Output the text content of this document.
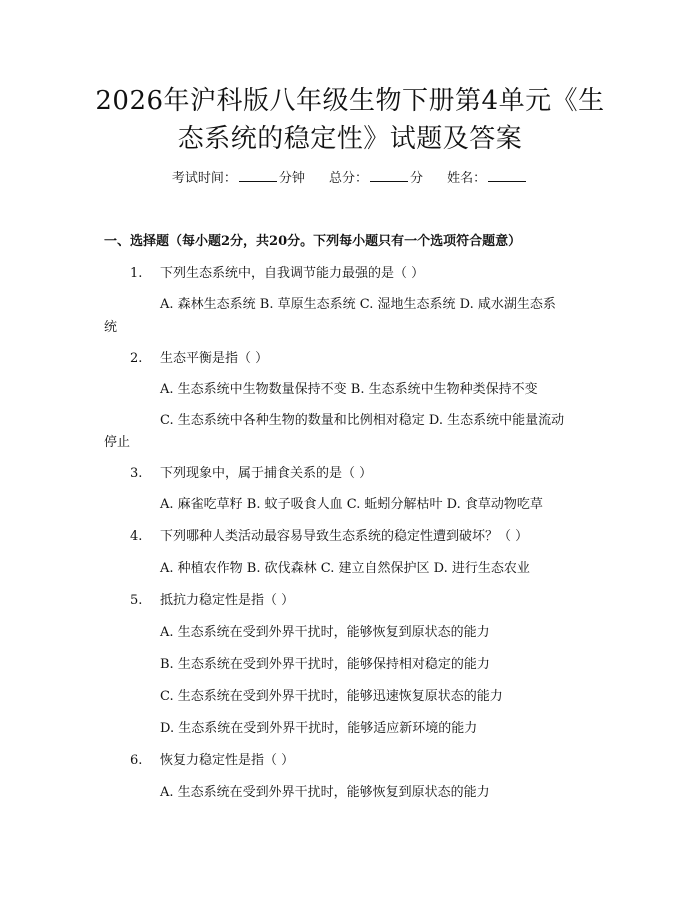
2026年沪科版八年级生物下册第4单元《生
态系统的稳定性》试题及答案
考试时间：	分钟 总分：	分 姓名：
一、选择题（每小题2分，共20分。下列每小题只有一个选项符合题意）
1. 下列生态系统中，自我调节能力最强的是（ ）
A. 森林生态系统 B. 草原生态系统 C. 湿地生态系统 D. 咸水湖生态系
统
2. 生态平衡是指（ ）
A. 生态系统中生物数量保持不变 B. 生态系统中生物种类保持不变
C. 生态系统中各种生物的数量和比例相对稳定 D. 生态系统中能量流动
停止
3. 下列现象中，属于捕食关系的是（ ）
A. 麻雀吃草籽 B. 蚊子吸食人血 C. 蚯蚓分解枯叶 D. 食草动物吃草
4. 下列哪种人类活动最容易导致生态系统的稳定性遭到破坏？（ ）
A. 种植农作物 B. 砍伐森林 C. 建立自然保护区 D. 进行生态农业
5. 抵抗力稳定性是指（ ）
A. 生态系统在受到外界干扰时，能够恢复到原状态的能力
B. 生态系统在受到外界干扰时，能够保持相对稳定的能力
C. 生态系统在受到外界干扰时，能够迅速恢复原状态的能力
D. 生态系统在受到外界干扰时，能够适应新环境的能力
6. 恢复力稳定性是指（ ）
A. 生态系统在受到外界干扰时，能够恢复到原状态的能力
